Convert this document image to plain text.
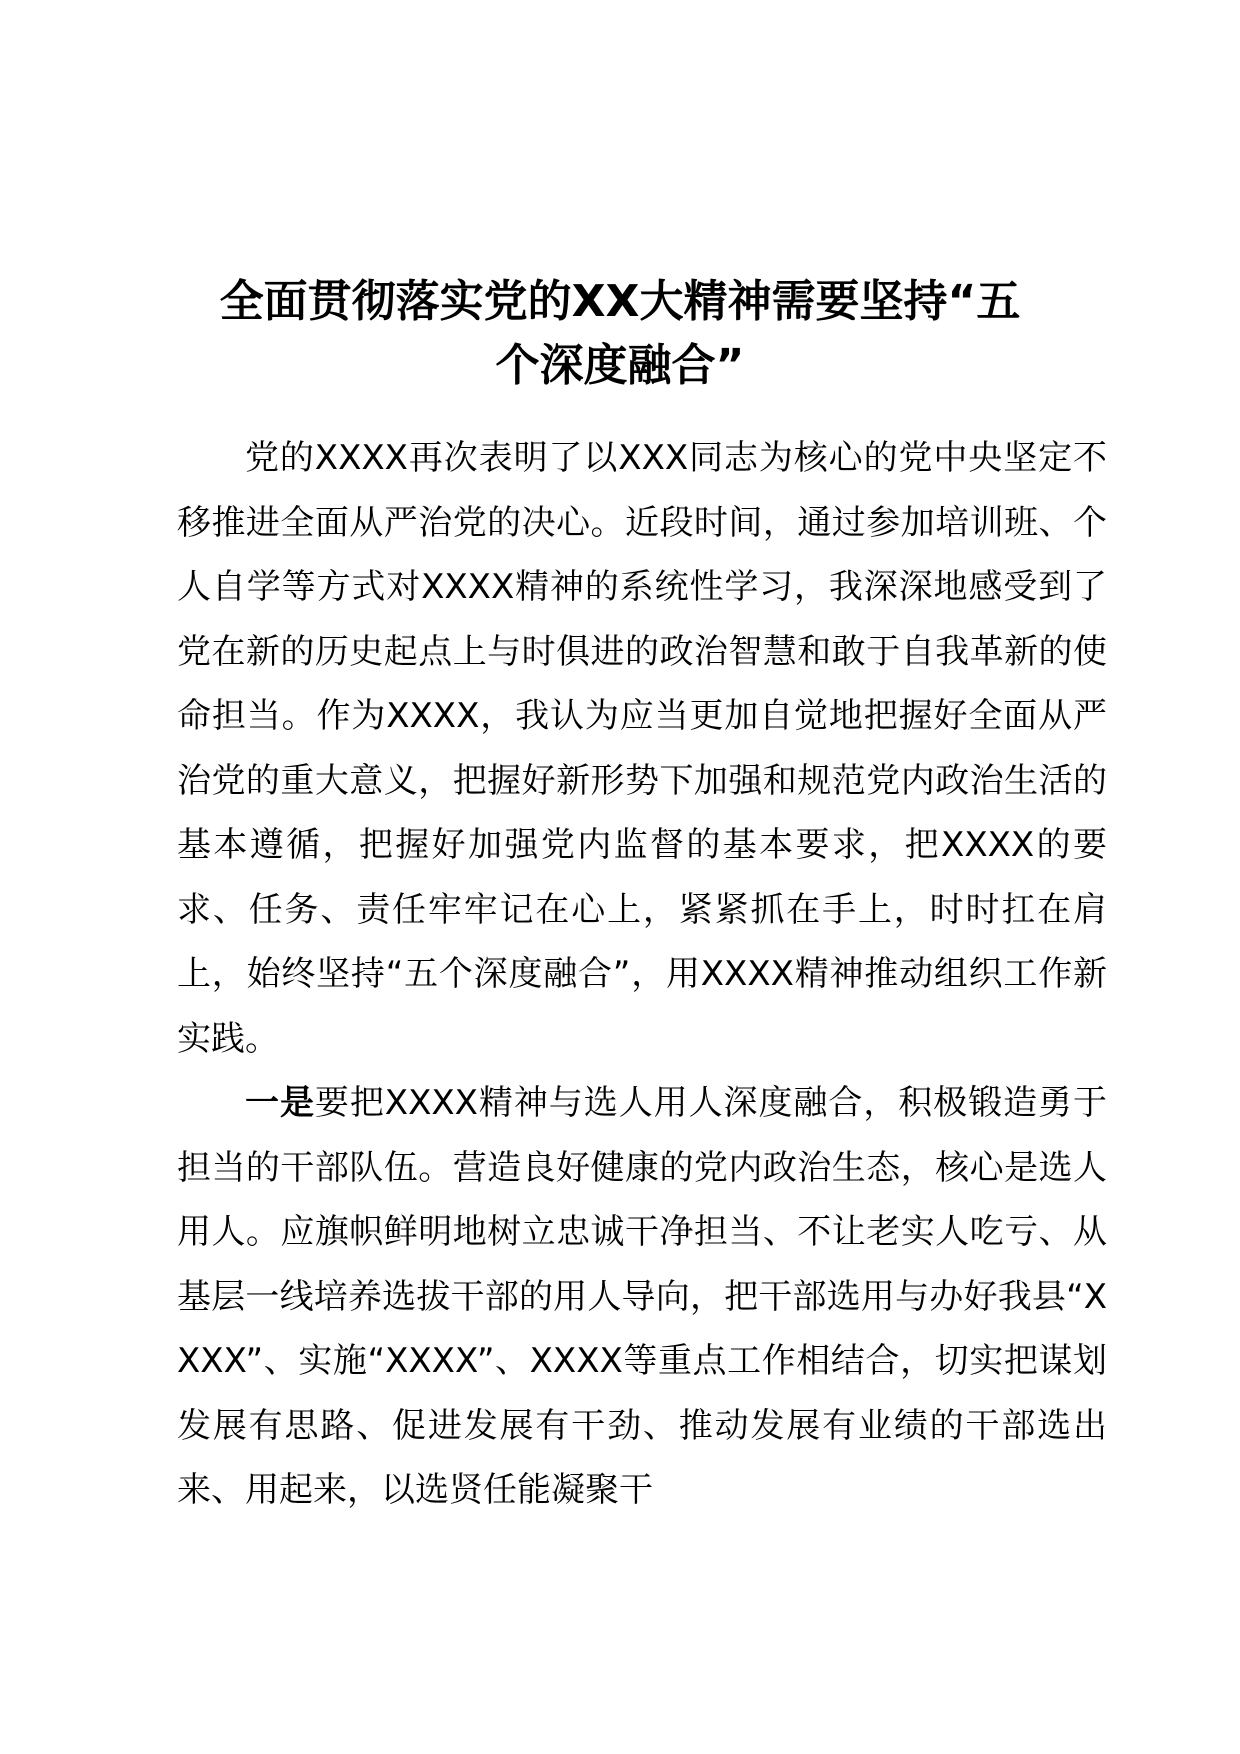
全面贯彻落实党的XX大精神需要坚持“五
个深度融合”

党的XXXX再次表明了以XXX同志为核心的党中央坚定不移推进全面从严治党的决心。近段时间，通过参加培训班、个人自学等方式对XXXX精神的系统性学习，我深深地感受到了党在新的历史起点上与时俱进的政治智慧和敢于自我革新的使命担当。作为XXXX，我认为应当更加自觉地把握好全面从严治党的重大意义，把握好新形势下加强和规范党内政治生活的基本遵循，把握好加强党内监督的基本要求，把XXXX的要求、任务、责任牢牢记在心上，紧紧抓在手上，时时扛在肩上，始终坚持“五个深度融合”，用XXXX精神推动组织工作新实践。

一是要把XXXX精神与选人用人深度融合，积极锻造勇于担当的干部队伍。营造良好健康的党内政治生态，核心是选人用人。应旗帜鲜明地树立忠诚干净担当、不让老实人吃亏、从基层一线培养选拔干部的用人导向，把干部选用与办好我县“XXXX”、实施“XXXX”、XXXX等重点工作相结合，切实把谋划发展有思路、促进发展有干劲、推动发展有业绩的干部选出来、用起来，以选贤任能凝聚干
